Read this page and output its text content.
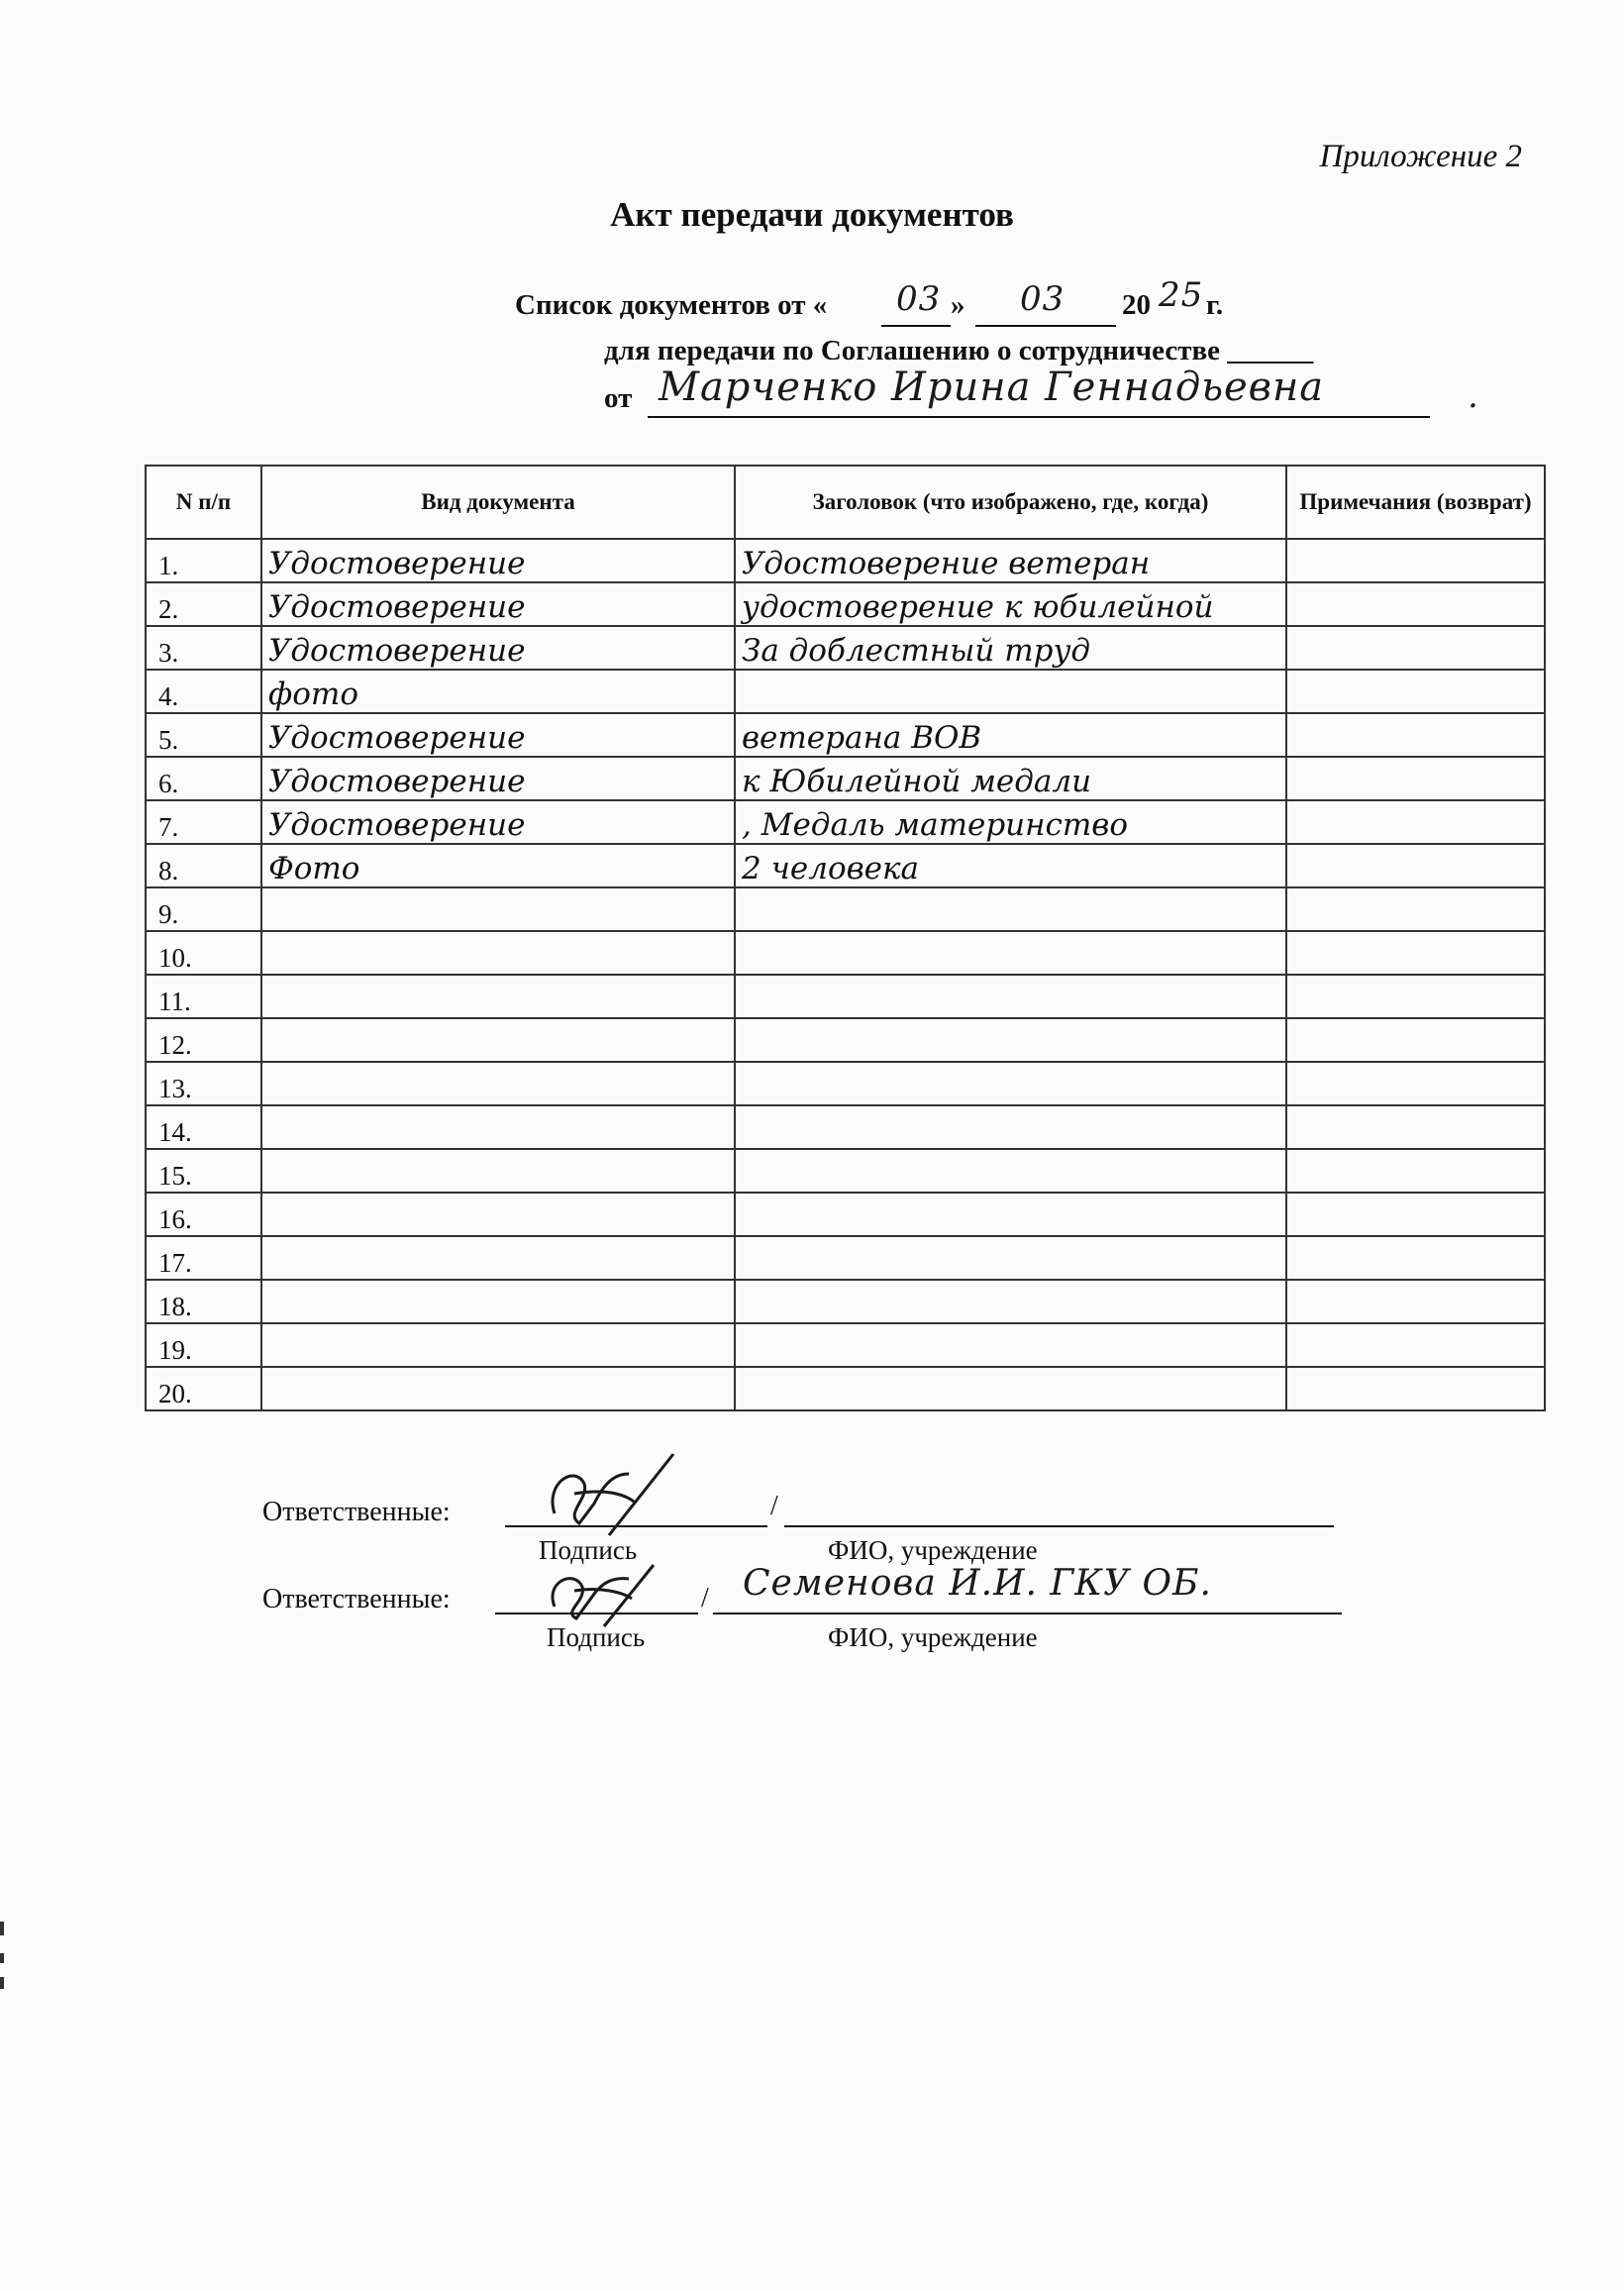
Приложение 2
Акт передачи документов
Список документов от « 03 » 03 20 25 г.
для передачи по Соглашению о сотрудничестве ______
от Марченко Ирина Геннадьевна	.
N п/п	Вид документа	Заголовок (что изображено, где, когда)	Примечания (возврат)
1.	Удостоверение	Удостоверение ветеран	
2.	Удостоверение	удостоверение к юбилейной	
3.	Удостоверение	За доблестный труд	
4.	фото		
5.	Удостоверение	ветерана ВОВ	
6.	Удостоверение	к Юбилейной медали	
7.	Удостоверение	, Медаль материнство	
8.	Фото	2 человека	
9.			
10.			
11.			
12.			
13.			
14.			
15.			
16.			
17.			
18.			
19.			
20.			
Ответственные:	/
Подпись	ФИО, учреждение
Ответственные:	/ Семенова И.И. ГКУ ОБ.
Подпись	ФИО, учреждение
